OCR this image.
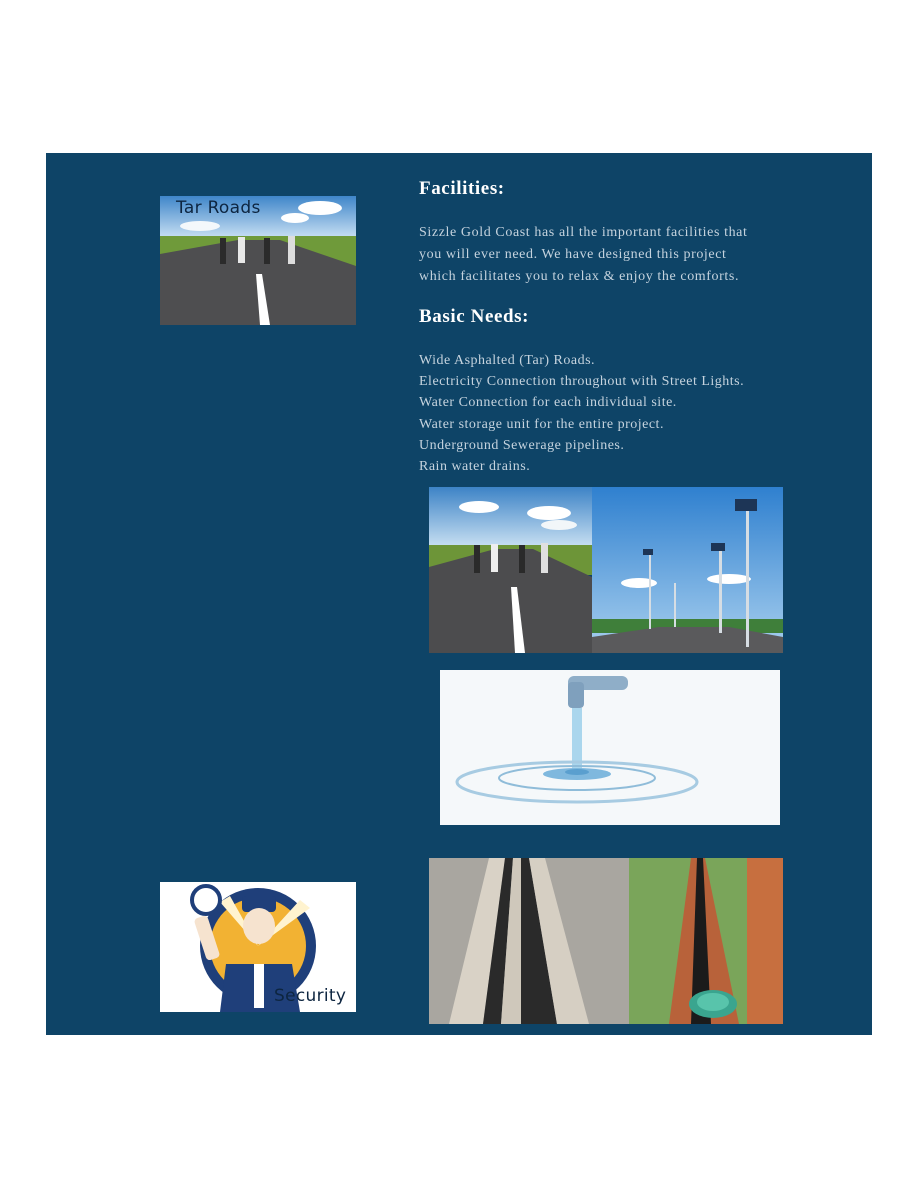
Tar Roads
Facilities:
Sizzle Gold Coast has all the important facilities that
you will ever need. We have designed this project
which facilitates you to relax & enjoy the comforts.
Basic Needs:
Wide Asphalted (Tar) Roads.
Electricity Connection throughout with Street Lights.
Water Connection for each individual site.
Water storage unit for the entire project.
Underground Sewerage pipelines.
Rain water drains.
Security
